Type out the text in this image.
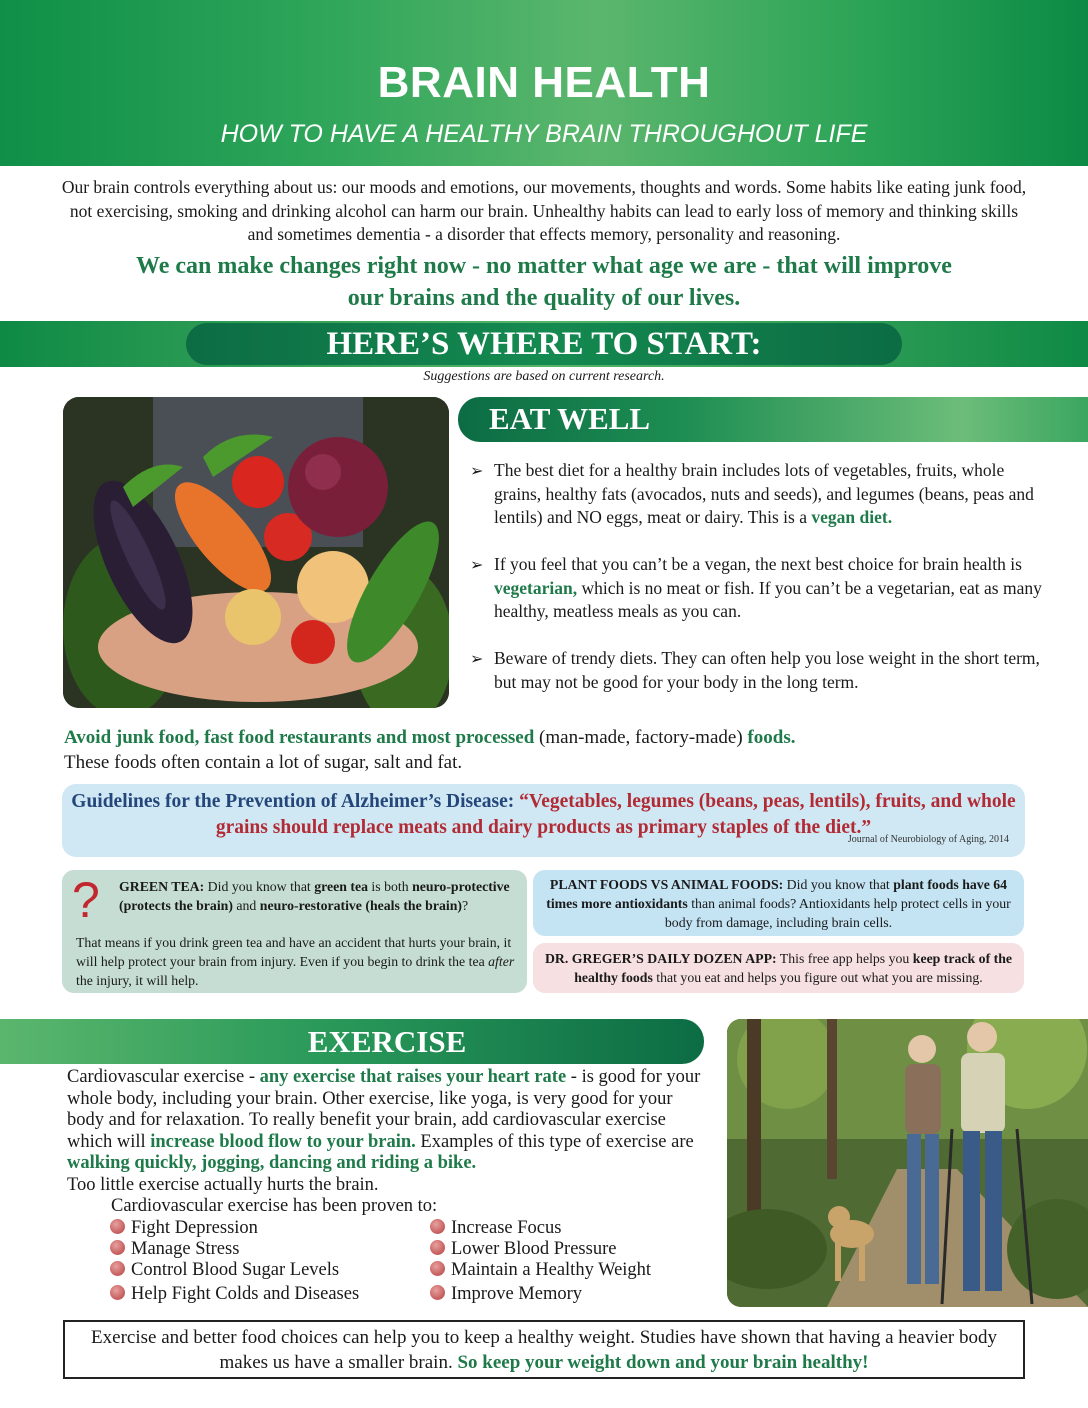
BRAIN HEALTH
HOW TO HAVE A HEALTHY BRAIN THROUGHOUT LIFE

Our brain controls everything about us: our moods and emotions, our movements, thoughts and words. Some habits like eating junk food, not exercising, smoking and drinking alcohol can harm our brain. Unhealthy habits can lead to early loss of memory and thinking skills and sometimes dementia - a disorder that effects memory, personality and reasoning.

We can make changes right now - no matter what age we are - that will improve our brains and the quality of our lives.

HERE’S WHERE TO START:
Suggestions are based on current research.
EAT WELL
➢ The best diet for a healthy brain includes lots of vegetables, fruits, whole grains, healthy fats (avocados, nuts and seeds), and legumes (beans, peas and lentils) and NO eggs, meat or dairy. This is a vegan diet.
➢ If you feel that you can’t be a vegan, the next best choice for brain health is vegetarian, which is no meat or fish. If you can’t be a vegetarian, eat as many healthy, meatless meals as you can.
➢ Beware of trendy diets. They can often help you lose weight in the short term, but may not be good for your body in the long term.
Avoid junk food, fast food restaurants and most processed (man-made, factory-made) foods.
These foods often contain a lot of sugar, salt and fat.
Guidelines for the Prevention of Alzheimer’s Disease: “Vegetables, legumes (beans, peas, lentils), fruits, and whole grains should replace meats and dairy products as primary staples of the diet.”
Journal of Neurobiology of Aging, 2014
? GREEN TEA: Did you know that green tea is both neuro-protective (protects the brain) and neuro-restorative (heals the brain)?
That means if you drink green tea and have an accident that hurts your brain, it will help protect your brain from injury. Even if you begin to drink the tea after the injury, it will help.
PLANT FOODS VS ANIMAL FOODS: Did you know that plant foods have 64 times more antioxidants than animal foods? Antioxidants help protect cells in your body from damage, including brain cells.
DR. GREGER’S DAILY DOZEN APP: This free app helps you keep track of the healthy foods that you eat and helps you figure out what you are missing.
EXERCISE
Cardiovascular exercise - any exercise that raises your heart rate - is good for your whole body, including your brain. Other exercise, like yoga, is very good for your body and for relaxation. To really benefit your brain, add cardiovascular exercise which will increase blood flow to your brain. Examples of this type of exercise are walking quickly, jogging, dancing and riding a bike.
Too little exercise actually hurts the brain.
Cardiovascular exercise has been proven to:
Fight Depression
Manage Stress
Control Blood Sugar Levels
Help Fight Colds and Diseases
Increase Focus
Lower Blood Pressure
Maintain a Healthy Weight
Improve Memory
Exercise and better food choices can help you to keep a healthy weight. Studies have shown that having a heavier body makes us have a smaller brain. So keep your weight down and your brain healthy!
